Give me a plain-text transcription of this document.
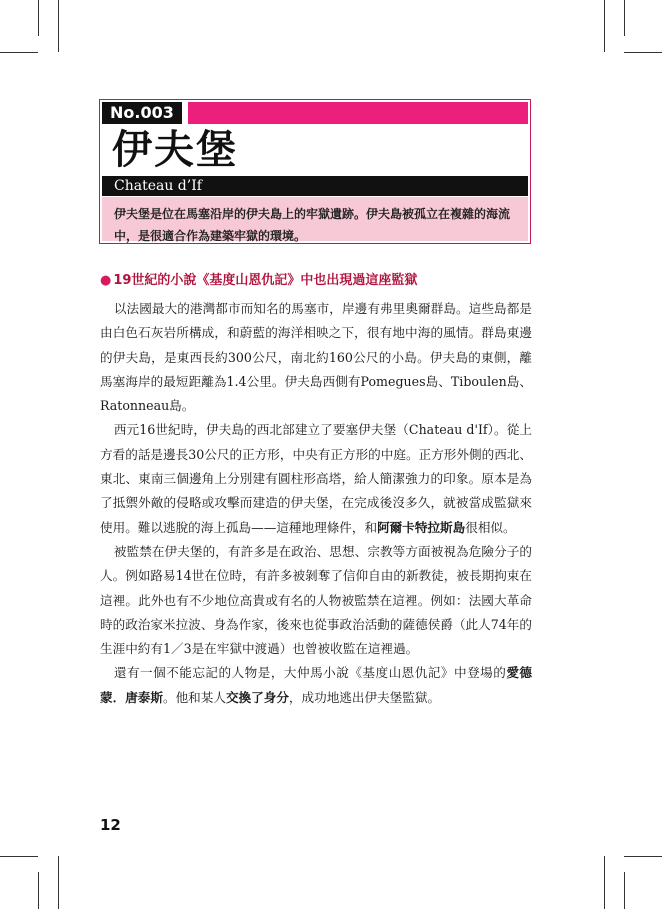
No.003
伊夫堡
Chateau d’If
伊夫堡是位在馬塞沿岸的伊夫島上的牢獄遺跡。伊夫島被孤立在複雜的海流中，是很適合作為建築牢獄的環境。
● 19世紀的小說《基度山恩仇記》中也出現過這座監獄

以法國最大的港灣都市而知名的馬塞市，岸邊有弗里奧爾群島。這些島都是由白色石灰岩所構成，和蔚藍的海洋相映之下，很有地中海的風情。群島東邊的伊夫島，是東西長約300公尺，南北約160公尺的小島。伊夫島的東側，離馬塞海岸的最短距離為1.4公里。伊夫島西側有Pomegues島、Tiboulen島、Ratonneau島。

西元16世紀時，伊夫島的西北部建立了要塞伊夫堡（Chateau d'If）。從上方看的話是邊長30公尺的正方形，中央有正方形的中庭。正方形外側的西北、東北、東南三個邊角上分別建有圓柱形高塔，給人簡潔強力的印象。原本是為了抵禦外敵的侵略或攻擊而建造的伊夫堡，在完成後沒多久，就被當成監獄來使用。難以逃脫的海上孤島——這種地理條件，和阿爾卡特拉斯島很相似。

被監禁在伊夫堡的，有許多是在政治、思想、宗教等方面被視為危險分子的人。例如路易14世在位時，有許多被剝奪了信仰自由的新教徒，被長期拘束在這裡。此外也有不少地位高貴或有名的人物被監禁在這裡。例如：法國大革命時的政治家米拉波、身為作家，後來也從事政治活動的薩德侯爵（此人74年的生涯中約有1／3是在牢獄中渡過）也曾被收監在這裡過。

還有一個不能忘記的人物是，大仲馬小說《基度山恩仇記》中登場的愛德蒙．唐泰斯。他和某人交換了身分，成功地逃出伊夫堡監獄。

12
